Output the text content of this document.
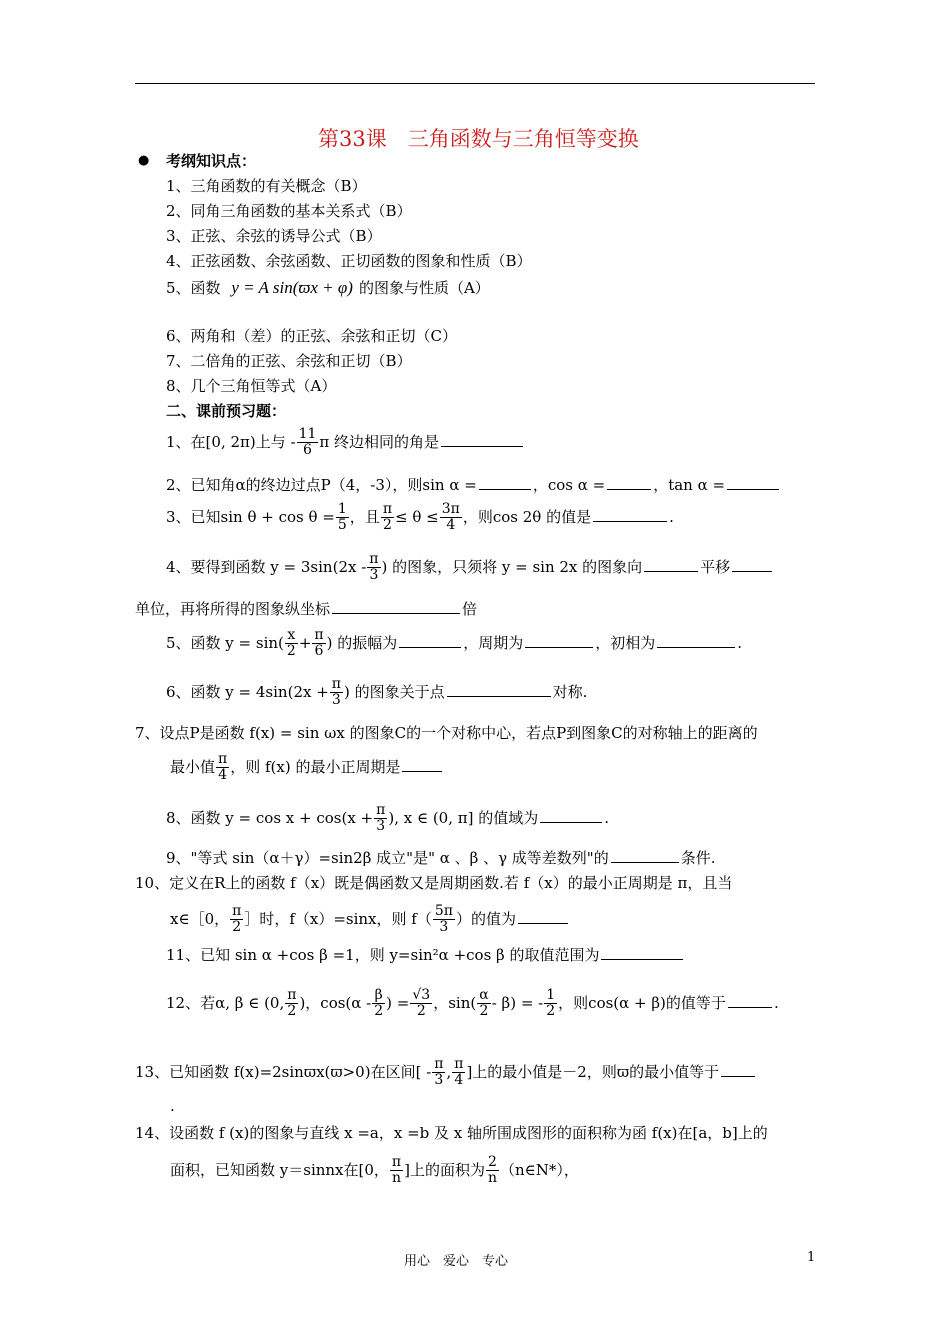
第33课　三角函数与三角恒等变换
● 考纲知识点：
1、三角函数的有关概念（B）
2、同角三角函数的基本关系式（B）
3、正弦、余弦的诱导公式（B）
4、正弦函数、余弦函数、正切函数的图象和性质（B）
5、函数 y = A sin(ϖx + φ) 的图象与性质（A）
6、两角和（差）的正弦、余弦和正切（C）
7、二倍角的正弦、余弦和正切（B）
8、几个三角恒等式（A）
二、课前预习题：
1、在[0, 2π)上与 - $\frac{11}{6}$ π 终边相同的角是
2、已知角α的终边过点P（4，-3），则sin α =	，cos α =	，tan α =
3、已知$\sin \theta + \cos \theta = \frac{1}{5}$ ，且 $\frac{\pi}{2} \le \theta \le \frac{3\pi}{4}$ ，则cos 2θ 的值是	.
4、要得到函数 $y = 3\sin(2x - \frac{\pi}{3}$ ) 的图象，只须将 y = sin 2x 的图象向	平移
单位，再将所得的图象纵坐标	倍
5、函数 $y = \sin( \frac{x}{2} + \frac{\pi}{6}$ ) 的振幅为	，周期为	，初相为	.
6、函数 $y = 4\sin(2x + \frac{\pi}{3}$ ) 的图象关于点	对称.
7、设点P是函数 f(x) = sin ωx 的图象C的一个对称中心，若点P到图象C的对称轴上的距离的
最小值 $\frac{\pi}{4}$ ，则 f(x) 的最小正周期是
8、函数 $y = \cos x + \cos(x + \frac{\pi}{3}$ ), x ∈ (0, π] 的值域为	.
9、"等式 sin（α＋γ）=sin2β 成立"是" α 、β 、γ 成等差数列"的	条件.
10、定义在R上的函数 f（x）既是偶函数又是周期函数.若 f（x）的最小正周期是 π，且当
x∈［0， $\frac{\pi}{2}$ ］时，f（x）=sinx，则 $f( \frac{5\pi}{3}$ ）的值为
11、已知 sin α +cos β =1，则 y=sin²α +cos β 的取值范围为
12、若α, β ∈ (0, $\frac{\pi}{2}$ )，$\cos(\alpha - \frac{\beta}{2}$ ) = $\frac{√3}{2}$ ，$\sin( \frac{\alpha}{2} - \beta)$ = - $\frac{1}{2}$ ，则cos(α + β)的值等于	.
13、已知函数 f(x)=2sinϖx(ϖ>0)在区间[ - $\frac{\pi}{3}$ , $\frac{\pi}{4}$ ]上的最小值是－2，则ϖ的最小值等于
.
14、设函数 f (x)的图象与直线 x =a，x =b 及 x 轴所围成图形的面积称为函 f(x)在[a，b]上的
面积，已知函数 y＝sinnx在[0， $\frac{\pi}{n}$ ]上的面积为 $\frac{2}{n}$ （n∈N*），
用心　爱心　专心	1
